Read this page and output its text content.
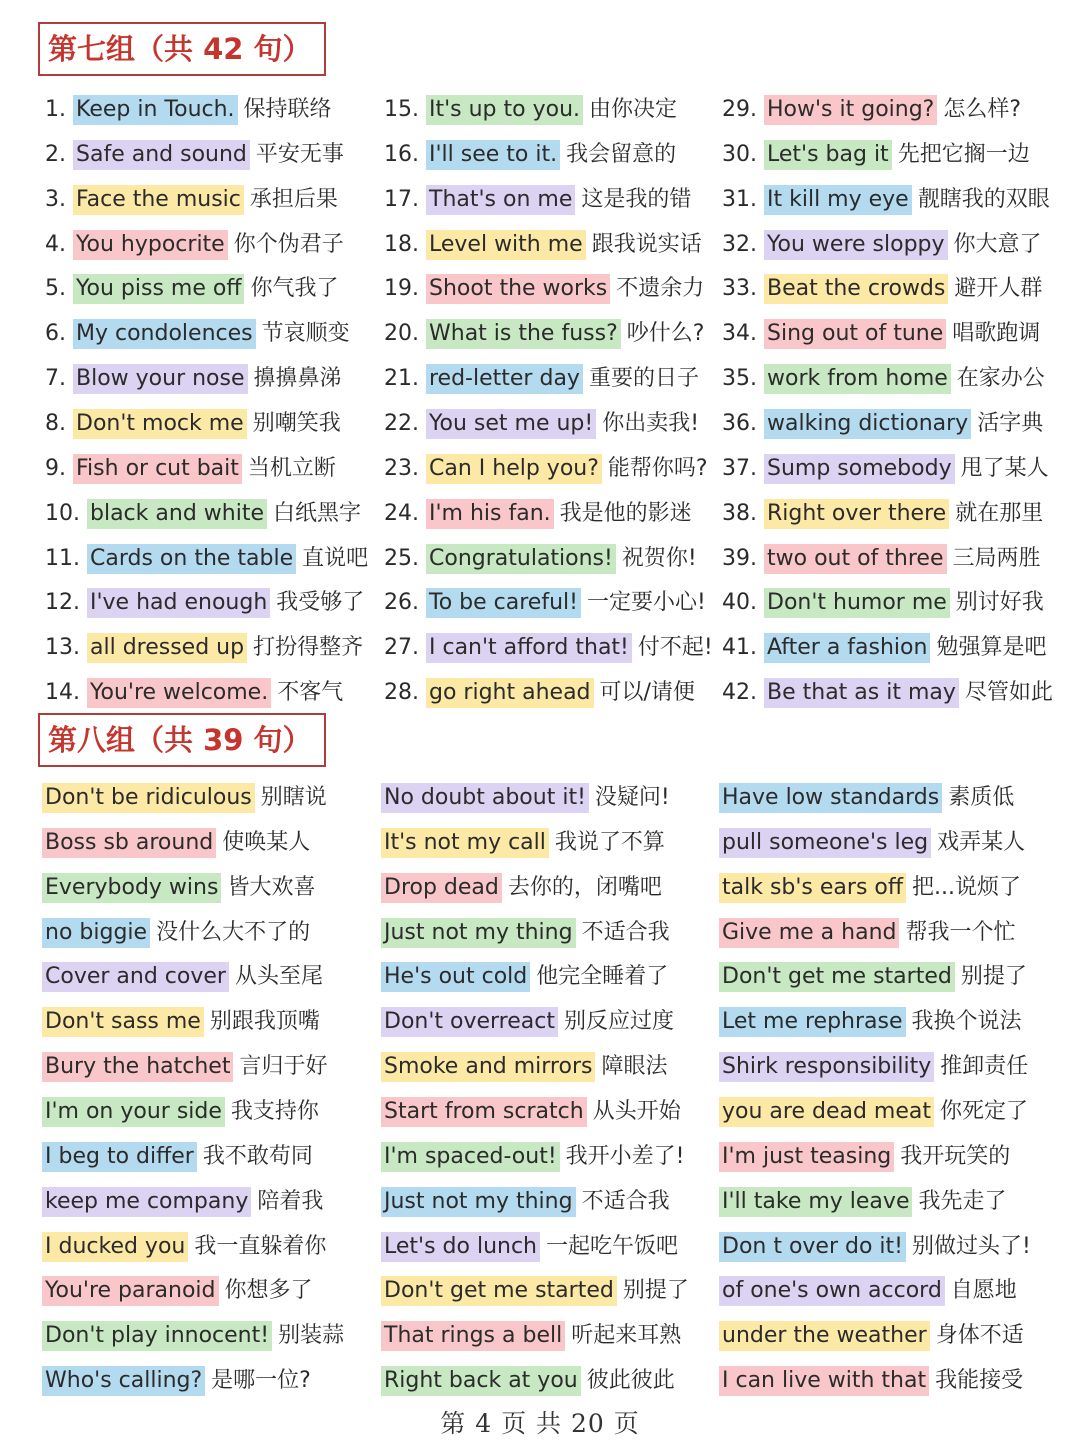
第七组（共 42 句）
1. Keep in Touch. 保持联络
2. Safe and sound 平安无事
3. Face the music 承担后果
4. You hypocrite 你个伪君子
5. You piss me off 你气我了
6. My condolences 节哀顺变
7. Blow your nose 擤擤鼻涕
8. Don't mock me 别嘲笑我
9. Fish or cut bait 当机立断
10. black and white 白纸黑字
11. Cards on the table 直说吧
12. I've had enough 我受够了
13. all dressed up 打扮得整齐
14. You're welcome. 不客气
15. It's up to you. 由你决定
16. I'll see to it. 我会留意的
17. That's on me 这是我的错
18. Level with me 跟我说实话
19. Shoot the works 不遗余力
20. What is the fuss? 吵什么?
21. red-letter day 重要的日子
22. You set me up! 你出卖我!
23. Can I help you? 能帮你吗?
24. I'm his fan. 我是他的影迷
25. Congratulations! 祝贺你!
26. To be careful! 一定要小心!
27. I can't afford that! 付不起!
28. go right ahead 可以/请便
29. How's it going? 怎么样?
30. Let's bag it 先把它搁一边
31. It kill my eye 靓瞎我的双眼
32. You were sloppy 你大意了
33. Beat the crowds 避开人群
34. Sing out of tune 唱歌跑调
35. work from home 在家办公
36. walking dictionary 活字典
37. Sump somebody 甩了某人
38. Right over there 就在那里
39. two out of three 三局两胜
40. Don't humor me 别讨好我
41. After a fashion 勉强算是吧
42. Be that as it may 尽管如此
第八组（共 39 句）
Don't be ridiculous 别瞎说
Boss sb around 使唤某人
Everybody wins 皆大欢喜
no biggie 没什么大不了的
Cover and cover 从头至尾
Don't sass me 别跟我顶嘴
Bury the hatchet 言归于好
I'm on your side 我支持你
I beg to differ 我不敢苟同
keep me company 陪着我
I ducked you 我一直躲着你
You're paranoid 你想多了
Don't play innocent! 别装蒜
Who's calling? 是哪一位?
No doubt about it! 没疑问!
It's not my call 我说了不算
Drop dead 去你的，闭嘴吧
Just not my thing 不适合我
He's out cold 他完全睡着了
Don't overreact 别反应过度
Smoke and mirrors 障眼法
Start from scratch 从头开始
I'm spaced-out! 我开小差了!
Just not my thing 不适合我
Let's do lunch 一起吃午饭吧
Don't get me started 别提了
That rings a bell 听起来耳熟
Right back at you 彼此彼此
Have low standards 素质低
pull someone's leg 戏弄某人
talk sb's ears off 把...说烦了
Give me a hand 帮我一个忙
Don't get me started 别提了
Let me rephrase 我换个说法
Shirk responsibility 推卸责任
you are dead meat 你死定了
I'm just teasing 我开玩笑的
I'll take my leave 我先走了
Don t over do it! 别做过头了!
of one's own accord 自愿地
under the weather 身体不适
I can live with that 我能接受
第 4 页 共 20 页
